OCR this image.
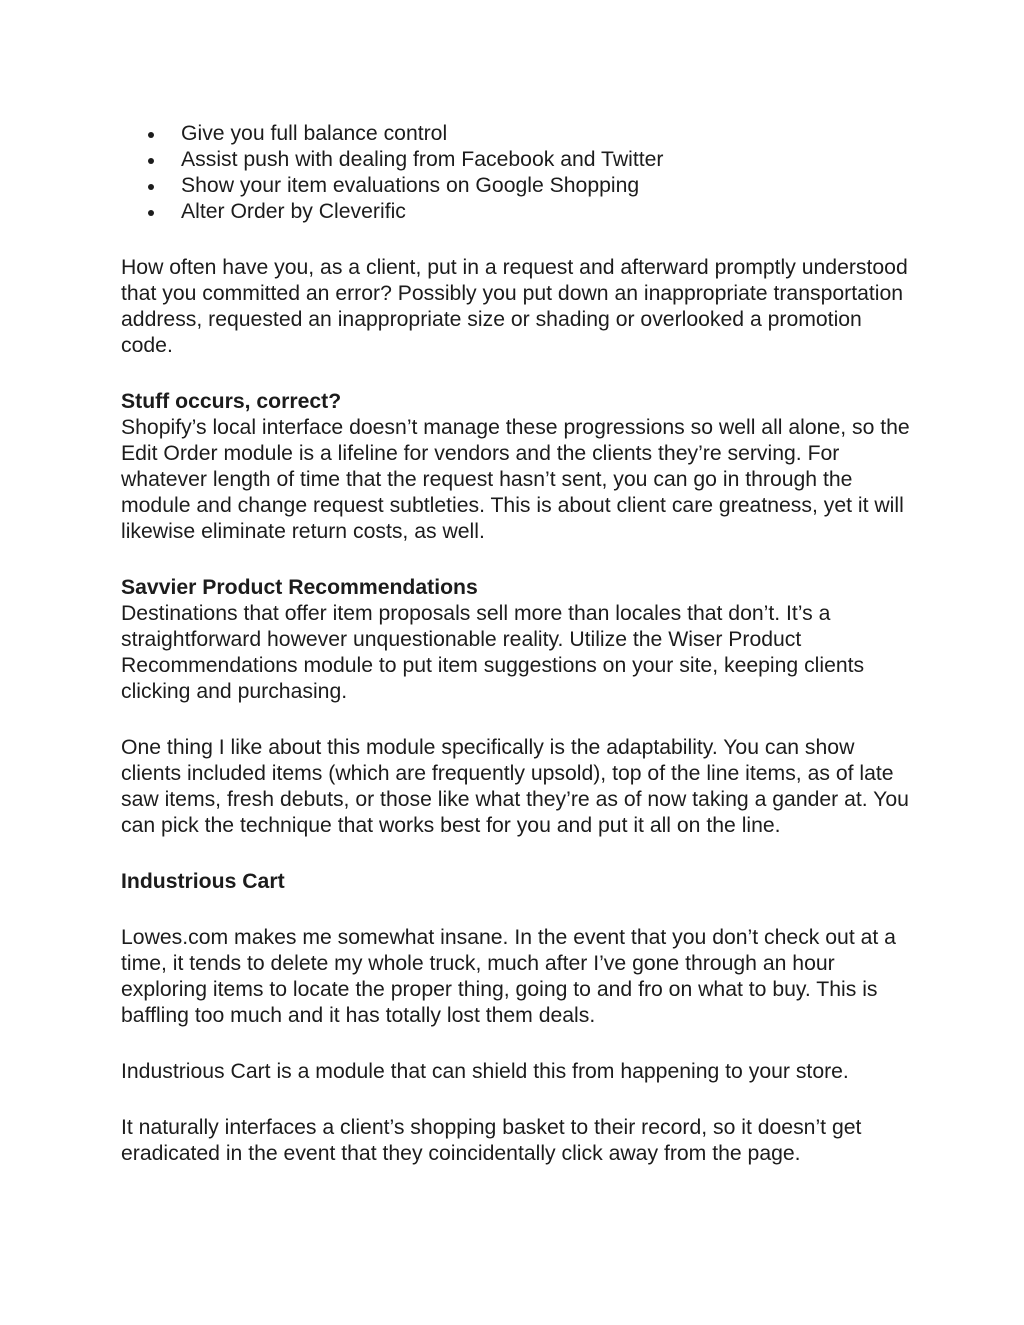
Give you full balance control
Assist push with dealing from Facebook and Twitter
Show your item evaluations on Google Shopping
Alter Order by Cleverific

How often have you, as a client, put in a request and afterward promptly understood that you committed an error? Possibly you put down an inappropriate transportation address, requested an inappropriate size or shading or overlooked a promotion code.

Stuff occurs, correct?

Shopify’s local interface doesn’t manage these progressions so well all alone, so the Edit Order module is a lifeline for vendors and the clients they’re serving. For whatever length of time that the request hasn’t sent, you can go in through the module and change request subtleties. This is about client care greatness, yet it will likewise eliminate return costs, as well.

Savvier Product Recommendations

Destinations that offer item proposals sell more than locales that don’t. It’s a straightforward however unquestionable reality. Utilize the Wiser Product Recommendations module to put item suggestions on your site, keeping clients clicking and purchasing.

One thing I like about this module specifically is the adaptability. You can show clients included items (which are frequently upsold), top of the line items, as of late saw items, fresh debuts, or those like what they’re as of now taking a gander at. You can pick the technique that works best for you and put it all on the line.

Industrious Cart

Lowes.com makes me somewhat insane. In the event that you don’t check out at a time, it tends to delete my whole truck, much after I’ve gone through an hour exploring items to locate the proper thing, going to and fro on what to buy. This is baffling too much and it has totally lost them deals.

Industrious Cart is a module that can shield this from happening to your store.

It naturally interfaces a client’s shopping basket to their record, so it doesn’t get eradicated in the event that they coincidentally click away from the page.
